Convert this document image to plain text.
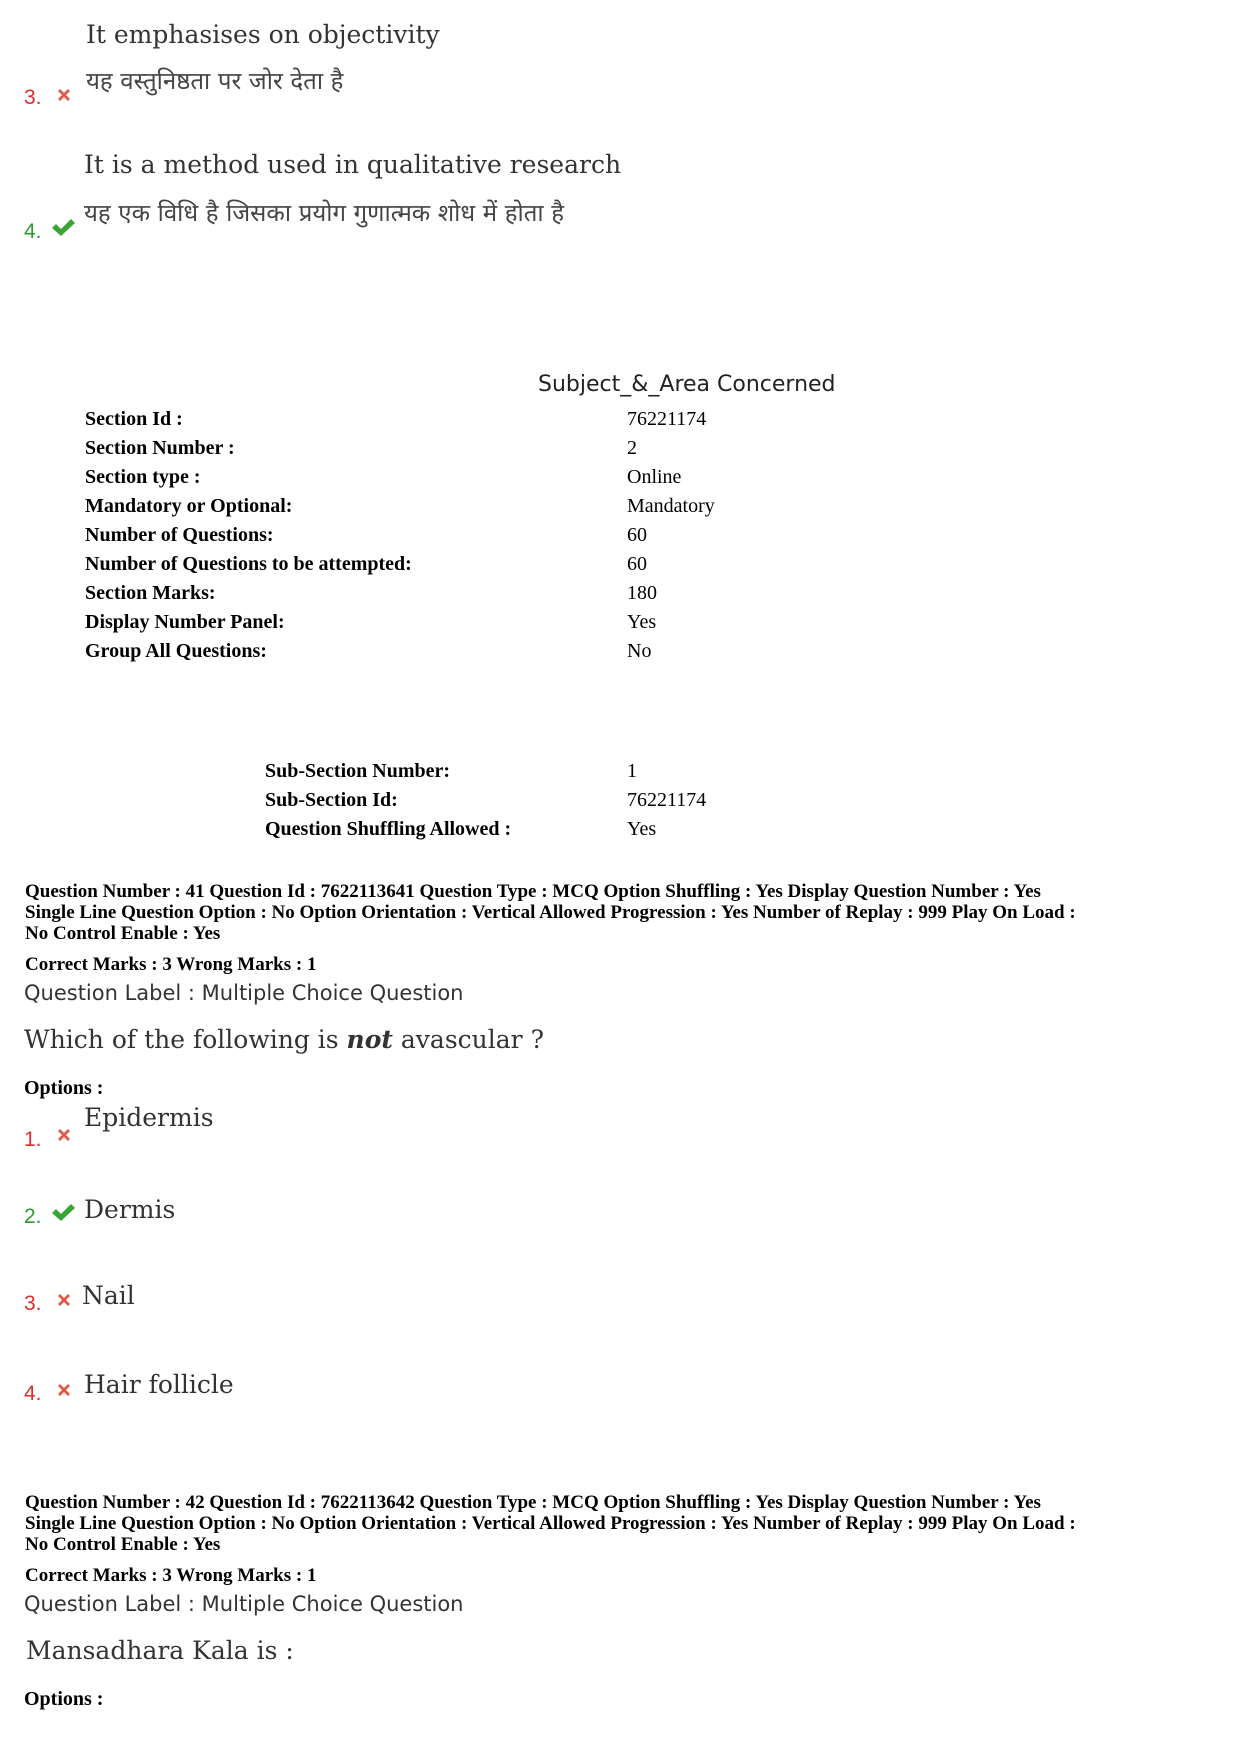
It emphasises on objectivity
3.
यह वस्तुनिष्ठता पर जोर देता है
It is a method used in qualitative research
4.
यह एक विधि है जिसका प्रयोग गुणात्मक शोध में होता है
Subject_&_Area Concerned
Section Id :	76221174
Section Number :	2
Section type :	Online
Mandatory or Optional:	Mandatory
Number of Questions:	60
Number of Questions to be attempted:	60
Section Marks:	180
Display Number Panel:	Yes
Group All Questions:	No
Sub-Section Number:	1
Sub-Section Id:	76221174
Question Shuffling Allowed :	Yes
Question Number : 41 Question Id : 7622113641 Question Type : MCQ Option Shuffling : Yes Display Question Number : Yes
Single Line Question Option : No Option Orientation : Vertical Allowed Progression : Yes Number of Replay : 999 Play On Load :
No Control Enable : Yes
Correct Marks : 3 Wrong Marks : 1
Question Label : Multiple Choice Question
Which of the following is not avascular ?
Options :
1.
Epidermis
2. Dermis
3. Nail
4. Hair follicle
Question Number : 42 Question Id : 7622113642 Question Type : MCQ Option Shuffling : Yes Display Question Number : Yes
Single Line Question Option : No Option Orientation : Vertical Allowed Progression : Yes Number of Replay : 999 Play On Load :
No Control Enable : Yes
Correct Marks : 3 Wrong Marks : 1
Question Label : Multiple Choice Question
Mansadhara Kala is :
Options :
